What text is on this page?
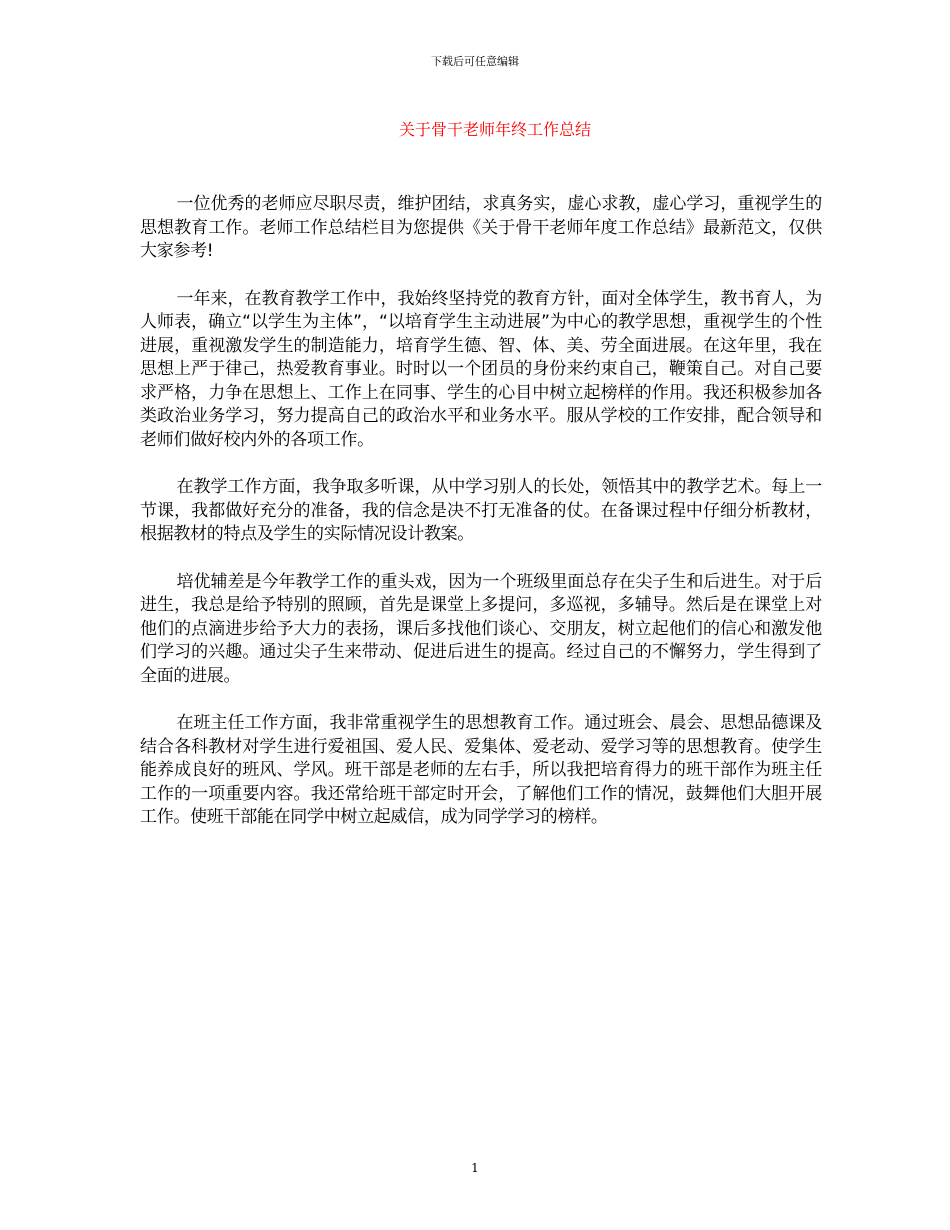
下载后可任意编辑
关于骨干老师年终工作总结

一位优秀的老师应尽职尽责，维护团结，求真务实，虚心求教，虚心学习，重视学生的思想教育工作。老师工作总结栏目为您提供《关于骨干老师年度工作总结》最新范文，仅供大家参考!

一年来，在教育教学工作中，我始终坚持党的教育方针，面对全体学生，教书育人，为人师表，确立“以学生为主体”，“以培育学生主动进展”为中心的教学思想，重视学生的个性进展，重视激发学生的制造能力，培育学生德、智、体、美、劳全面进展。在这年里，我在思想上严于律己，热爱教育事业。时时以一个团员的身份来约束自己，鞭策自己。对自己要求严格，力争在思想上、工作上在同事、学生的心目中树立起榜样的作用。我还积极参加各类政治业务学习，努力提高自己的政治水平和业务水平。服从学校的工作安排，配合领导和老师们做好校内外的各项工作。

在教学工作方面，我争取多听课，从中学习别人的长处，领悟其中的教学艺术。每上一节课，我都做好充分的准备，我的信念是决不打无准备的仗。在备课过程中仔细分析教材，根据教材的特点及学生的实际情况设计教案。

培优辅差是今年教学工作的重头戏，因为一个班级里面总存在尖子生和后进生。对于后进生，我总是给予特别的照顾，首先是课堂上多提问，多巡视，多辅导。然后是在课堂上对他们的点滴进步给予大力的表扬，课后多找他们谈心、交朋友，树立起他们的信心和激发他们学习的兴趣。通过尖子生来带动、促进后进生的提高。经过自己的不懈努力，学生得到了全面的进展。

在班主任工作方面，我非常重视学生的思想教育工作。通过班会、晨会、思想品德课及结合各科教材对学生进行爱祖国、爱人民、爱集体、爱老动、爱学习等的思想教育。使学生能养成良好的班风、学风。班干部是老师的左右手，所以我把培育得力的班干部作为班主任工作的一项重要内容。我还常给班干部定时开会，了解他们工作的情况，鼓舞他们大胆开展工作。使班干部能在同学中树立起威信，成为同学学习的榜样。

1
